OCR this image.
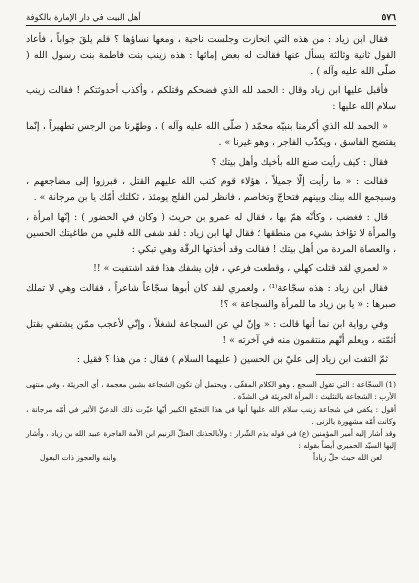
٥٧٦
أهل البيت في دار الإمارة بالكوفة

فقال ابن زياد : من هذه التي انحازت وجلست ناحية ، ومعها نساؤها ؟ فلم يلقَ جواباً ، فأعاد القول ثانية وثالثة يسأل عنها فقالت له بعض إمائها : هذه زينب بنت فاطمة بنت رسول الله ( صلّى الله عليه وآله ) .

فأقبل عليها ابن زياد وقال : الحمد لله الذي فضحكم وقتلكم ، وأكذب أحدوثتكم ! فقالت زينب سلام الله عليها :

« الحمد لله الذي أكرمنا بنبيّه محمّد ( صلّى الله عليه وآله ) ، وطهّرنا من الرجس تطهيراً ، إنّما يفتضح الفاسق ، ويكذّب الفاجر ، وهو غيرنا » .

فقال : كيف رأيت صنع الله بأخيك وأهل بيتك ؟

فقالت : « ما رأيت إلّا جميلاً ، هؤلاء قوم كتب الله عليهم القتل ، فبرزوا إلى مضاجعهم ، وسيجمع الله بينك وبينهم فتحاجّ وتخاصم ، فانظر لمن الفلج يومئذ ، ثكلتك أمّك يا بن مرجانة » .

قال : فغضب ، وكأنّه همّ بها ، فقال له عمرو بن حريث ( وكان في الحضور ) : إنّها امرأة ، والمرأة لا تؤاخذ بشيء من منطقها ؛ فقال لها ابن زياد : لقد شفى الله قلبي من طاغيتك الحسين ، والعصاة المردة من أهل بيتك ! فقالت وقد أخذتها الرقّة وهي تبكي :

« لعمري لقد قتلت كهلي ، وقطعت فرعي ، فإن يشفك هذا فقد اشتفيت » !!

فقال ابن زياد : هذه سجّاعة⁽¹⁾ ، ولعمري لقد كان أبوها سجّاعاً شاعراً ، فقالت وهي لا تملك صبرها : « يا بن زياد ما للمرأة والسجاعة » ؟!

وفي رواية ابن نما أنها قالت : « وإنّ لي عن السجاعة لشغلاً ، وإنّي لأعجب ممّن يشتفي بقتل أئمّته ، ويعلم أنّهم منتقمون منه في آخرته » !

ثمّ التفت ابن زياد إلى عليّ بن الحسين ( عليهما السلام ) فقال : من هذا ؟ فقيل :

(1) السجّاعة : التي تقول السجع ، وهو الكلام المقفّى ، ويحتمل أن تكون الشجاعة بشين معجمة ، أي الجريئة ، وفي منتهى الأرب : الشجاعة بالتثليث : المرأة الجريئة في الشدّة .

أقول : يكفي في شجاعة زينب سلام الله عليها أنها في هذا التجمّع الكبير أيّها عيّرت ذلك الدعيّ الأثير في أمّه مرجانة ، وكانت أمّه مشهورة بالزنى .

وقد أشار إليه أمير المؤمنين (ع) في قوله يذم الشّرار : ولأبالحذنك العتلّ الزنيم ابن الأمة الفاجرة عبيد الله بن زياد ، وأشار إليها السيّد الحميري أيضاً بقوله :

لعن الله حيث حلّ زياداً
وابنه والعجوز ذات البعول
